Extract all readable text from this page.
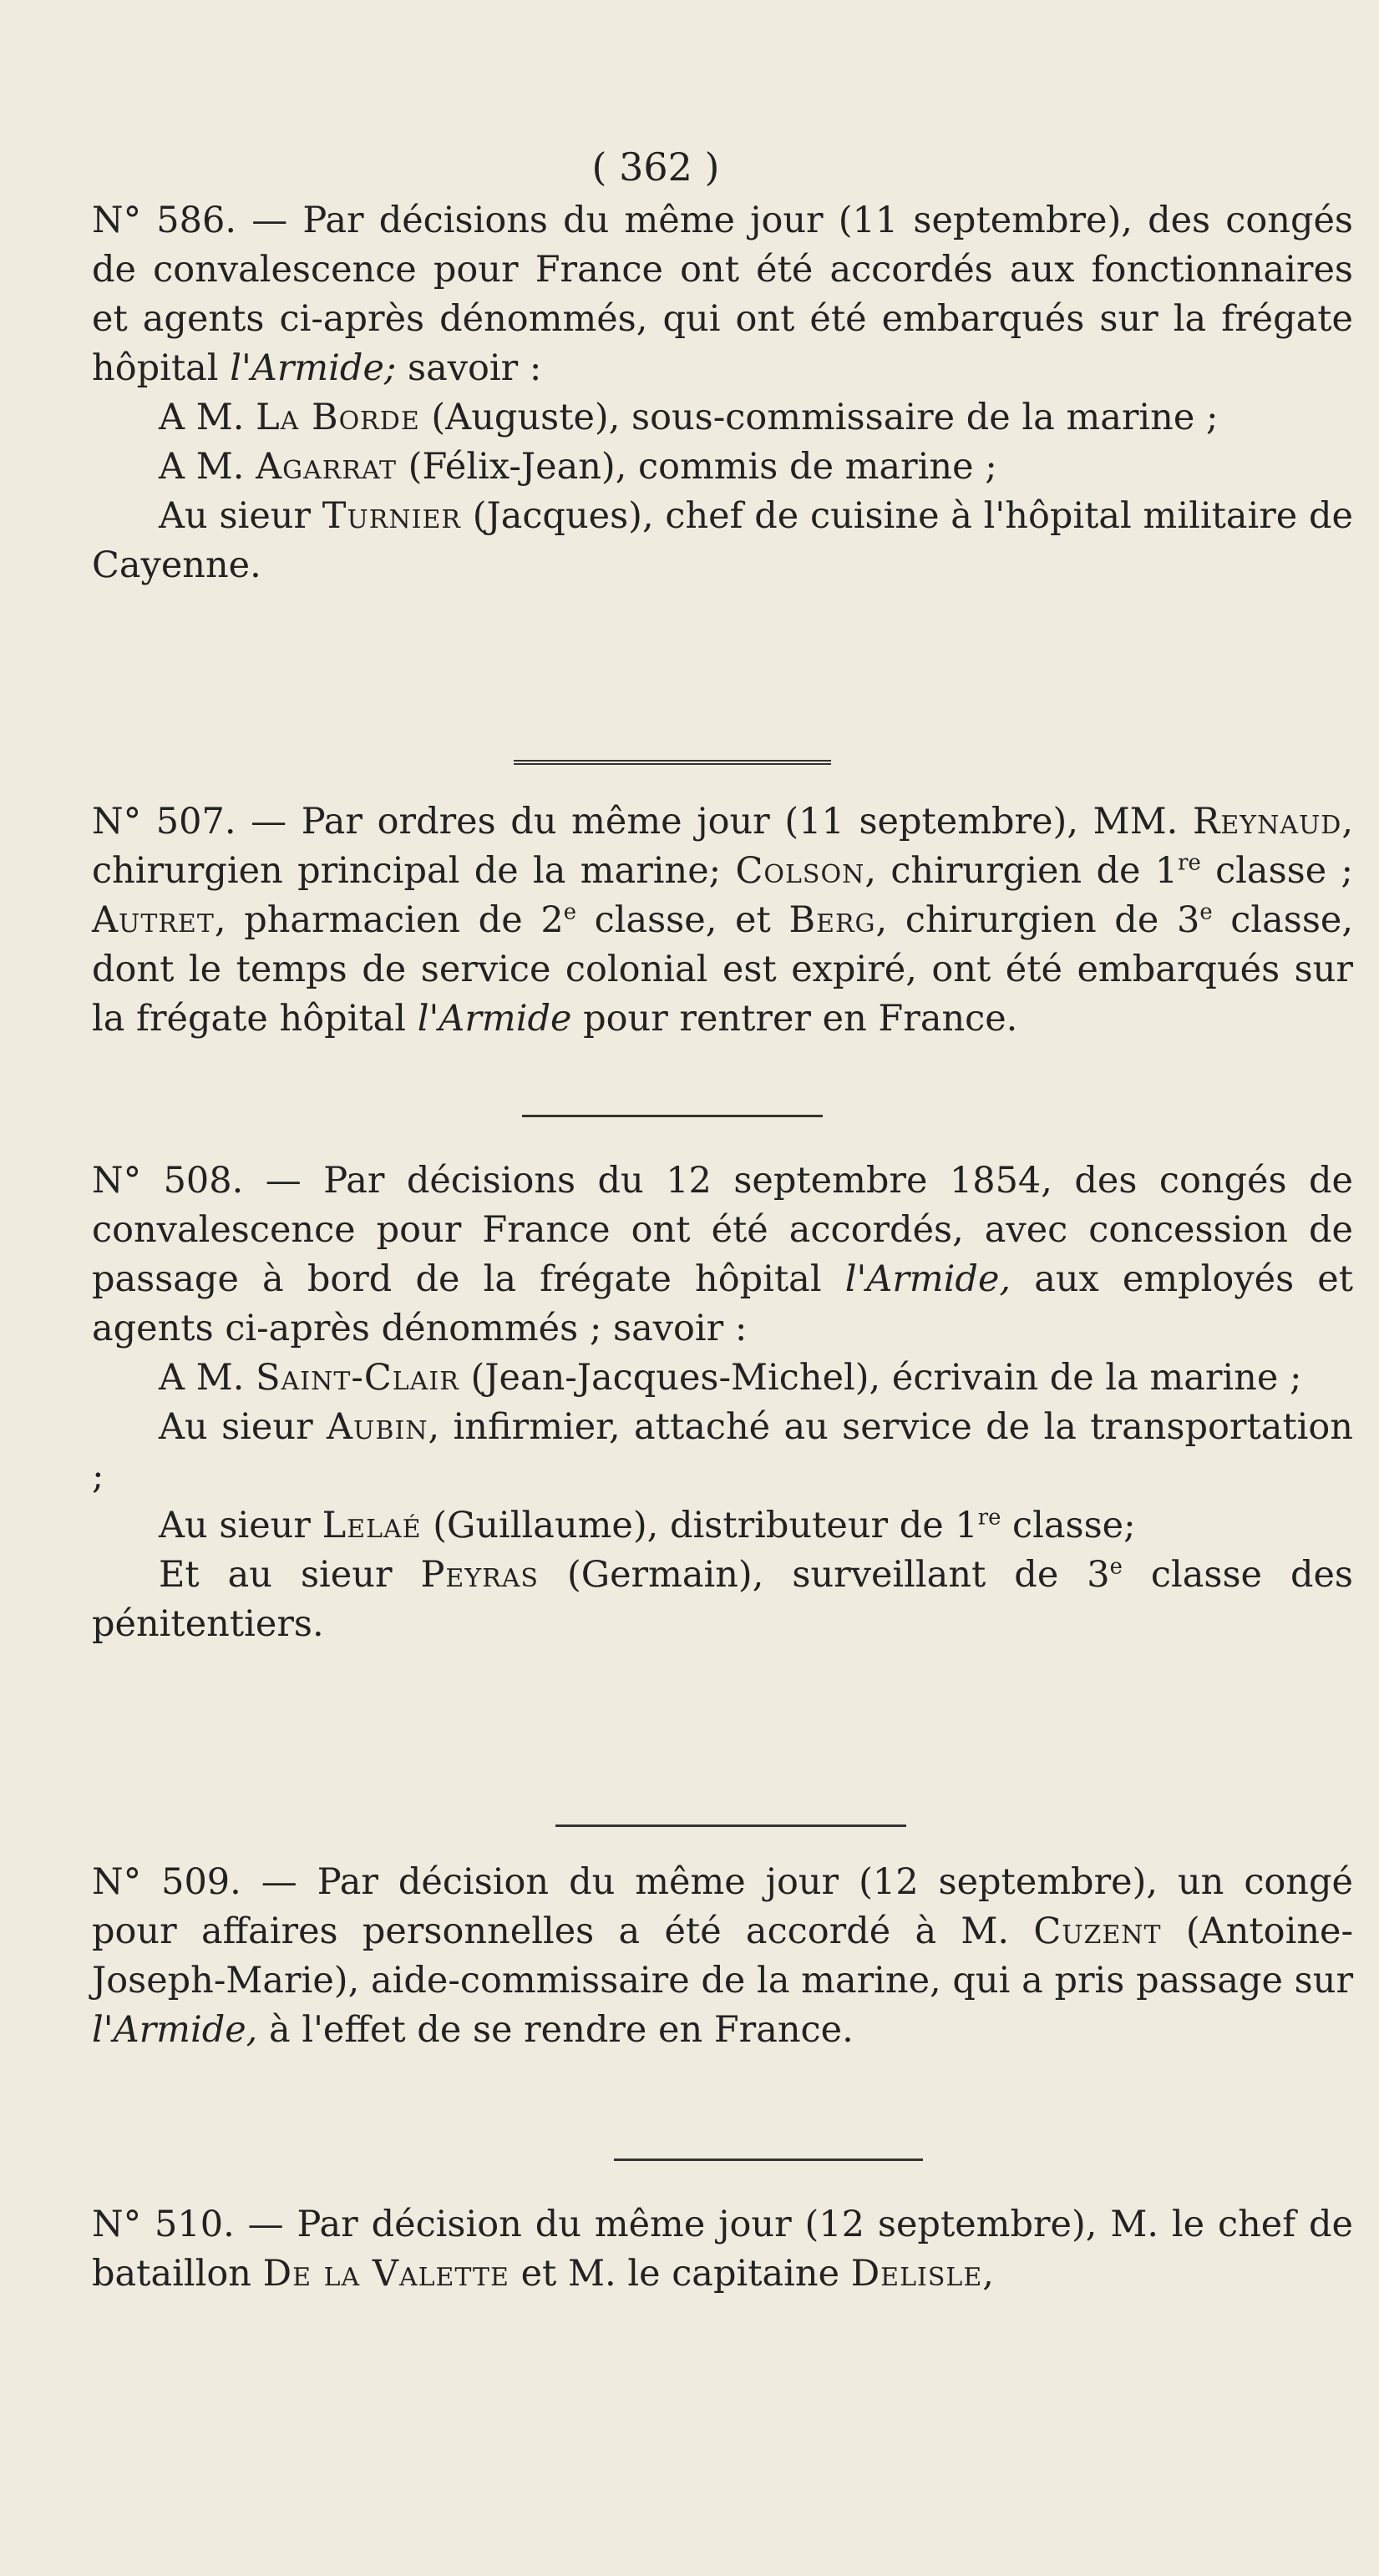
( 362 )

N° 586. — Par décisions du même jour (11 septembre), des congés de convalescence pour France ont été accordés aux fonctionnaires et agents ci-après dénommés, qui ont été embarqués sur la frégate hôpital l'Armide; savoir :

A M. La Borde (Auguste), sous-commissaire de la marine ;

A M. Agarrat (Félix-Jean), commis de marine ;

Au sieur Turnier (Jacques), chef de cuisine à l'hôpital militaire de Cayenne.

N° 507. — Par ordres du même jour (11 septembre), MM. Reynaud, chirurgien principal de la marine; Colson, chirurgien de 1re classe ; Autret, pharmacien de 2e classe, et Berg, chirurgien de 3e classe, dont le temps de service colonial est expiré, ont été embarqués sur la frégate hôpital l'Armide pour rentrer en France.

N° 508. — Par décisions du 12 septembre 1854, des congés de convalescence pour France ont été accordés, avec concession de passage à bord de la frégate hôpital l'Armide, aux employés et agents ci-après dénommés ; savoir :

A M. Saint-Clair (Jean-Jacques-Michel), écrivain de la marine ;

Au sieur Aubin, infirmier, attaché au service de la transportation ;

Au sieur Lelaé (Guillaume), distributeur de 1re classe;

Et au sieur Peyras (Germain), surveillant de 3e classe des pénitentiers.

N° 509. — Par décision du même jour (12 septembre), un congé pour affaires personnelles a été accordé à M. Cuzent (Antoine-Joseph-Marie), aide-commissaire de la marine, qui a pris passage sur l'Armide, à l'effet de se rendre en France.

N° 510. — Par décision du même jour (12 septembre), M. le chef de bataillon De la Valette et M. le capitaine Delisle,
